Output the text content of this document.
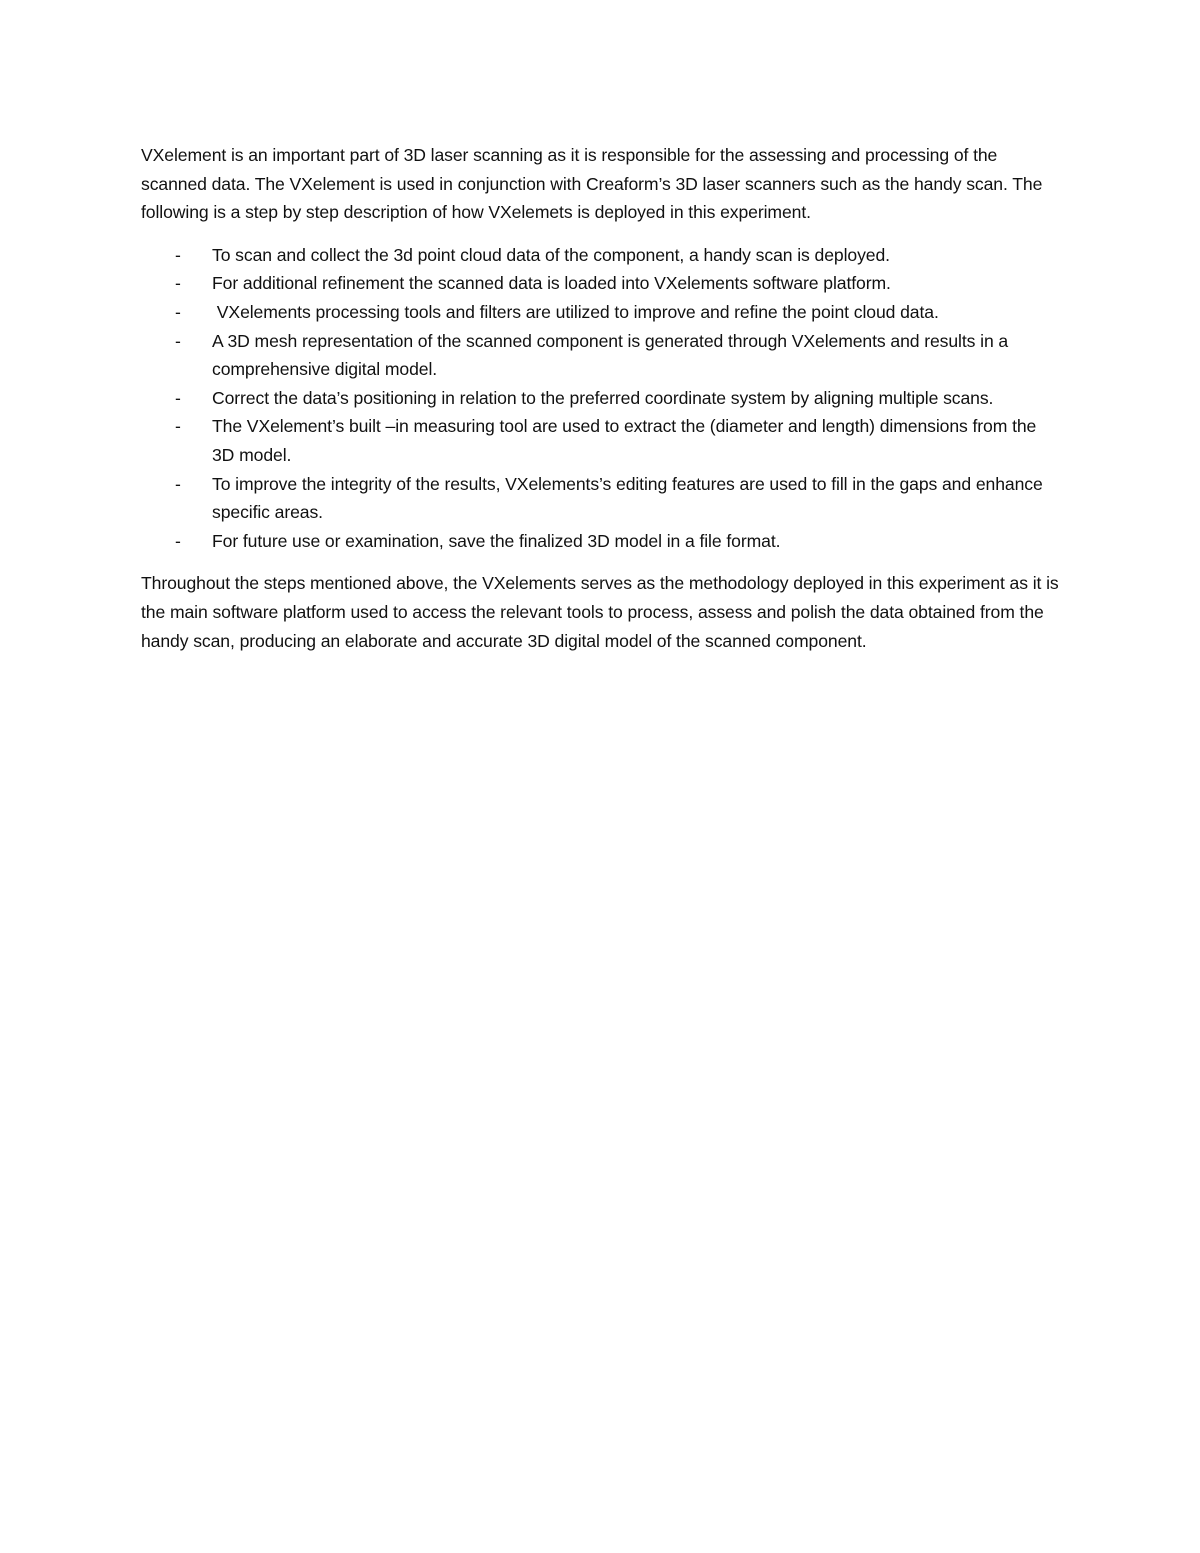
VXelement is an important part of 3D laser scanning as it is responsible for the assessing and processing of the scanned data. The VXelement is used in conjunction with Creaform’s 3D laser scanners such as the handy scan. The following is a step by step description of how VXelemets is deployed in this experiment.

- To scan and collect the 3d point cloud data of the component, a handy scan is deployed.
- For additional refinement the scanned data is loaded into VXelements software platform.
- VXelements processing tools and filters are utilized to improve and refine the point cloud data.
- A 3D mesh representation of the scanned component is generated through VXelements and results in a comprehensive digital model.
- Correct the data’s positioning in relation to the preferred coordinate system by aligning multiple scans.
- The VXelement’s built –in measuring tool are used to extract the (diameter and length) dimensions from the 3D model.
- To improve the integrity of the results, VXelements’s editing features are used to fill in the gaps and enhance specific areas.
- For future use or examination, save the finalized 3D model in a file format.

Throughout the steps mentioned above, the VXelements serves as the methodology deployed in this experiment as it is the main software platform used to access the relevant tools to process, assess and polish the data obtained from the handy scan, producing an elaborate and accurate 3D digital model of the scanned component.
